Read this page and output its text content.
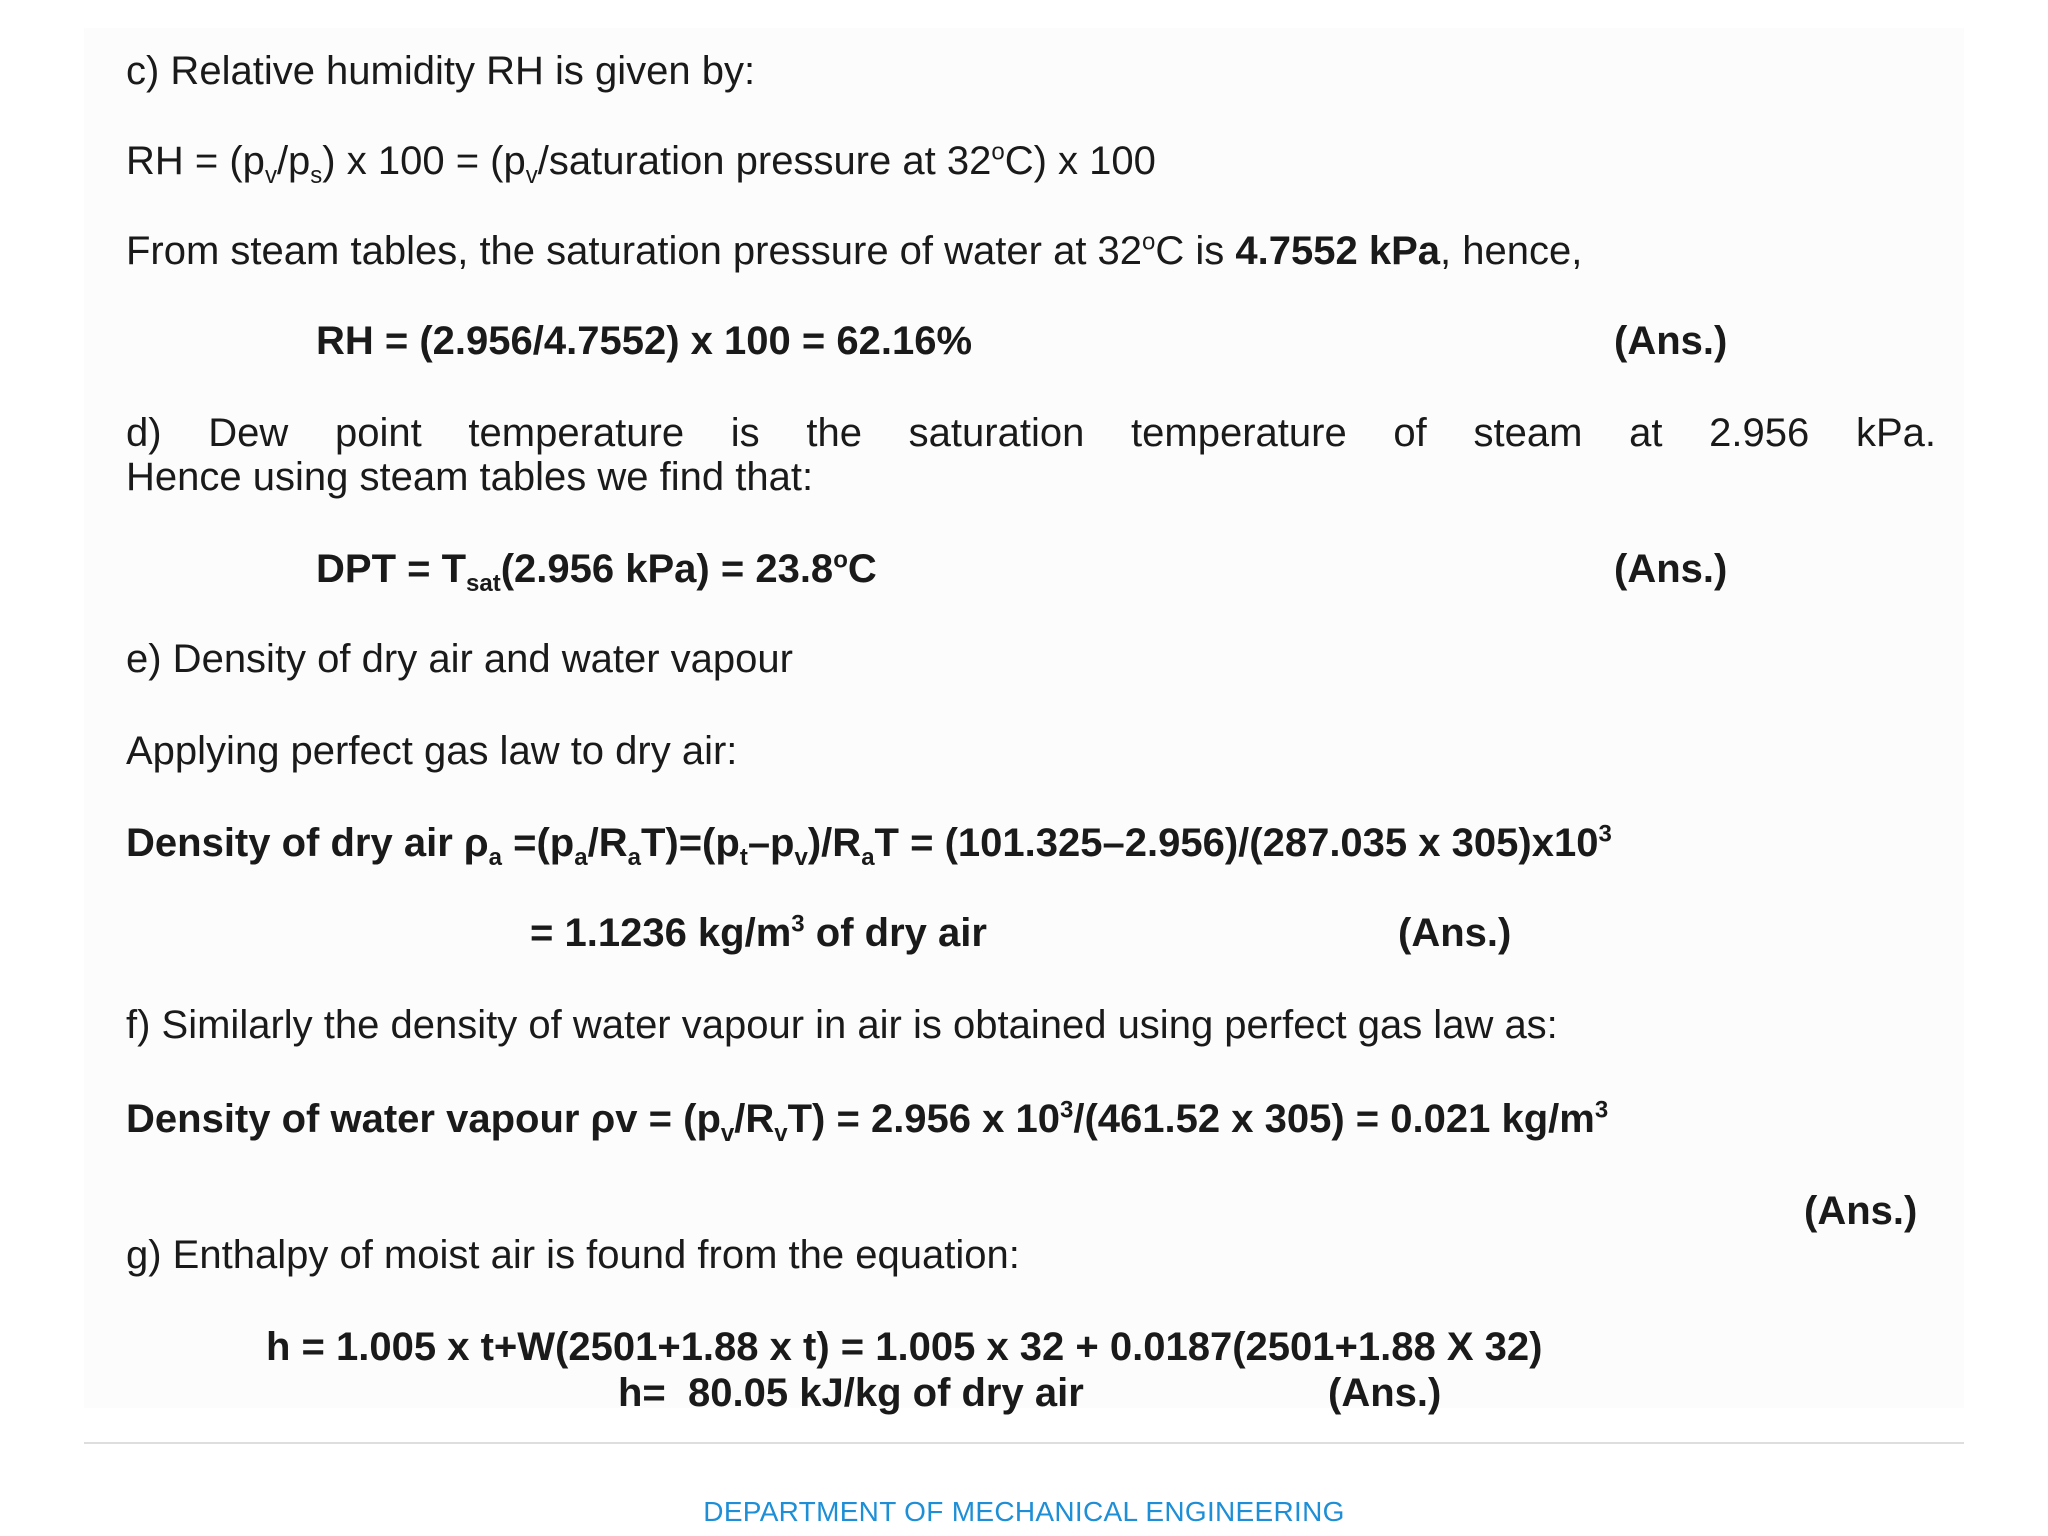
c) Relative humidity RH is given by:
RH = $(p_v/p_s)$ x $100 = (p_v$/saturation pressure at 32$^o$C) x 100
From steam tables, the saturation pressure of water at 32$^o$C is 4.7552 kPa, hence,
RH = (2.956/4.7552) x 100 = 62.16%	(Ans.)
d) Dew point temperature is the saturation temperature of steam at 2.956 kPa.
Hence using steam tables we find that:
DPT = $T_{sat}(2.956$ $kPa) = 23.8^oC$	(Ans.)
e) Density of dry air and water vapour
Applying perfect gas law to dry air:
Density of dry air $\rho_a =(p_a/R_aT)=(p_t-p_v)/R_aT = (101.325-2.956)/(287.035$ x $305)x10^3$
= 1.1236 $kg/m^3$ of dry air	(Ans.)
f) Similarly the density of water vapour in air is obtained using perfect gas law as:
Density of water vapour $\rho v = (p_v/R_vT) = 2.956$ x $10^3/(461.52$ x 305) = 0.021 $kg/m^3$
(Ans.)
g) Enthalpy of moist air is found from the equation:
h = 1.005 x t+W(2501+1.88 x t) = 1.005 x 32 + 0.0187(2501+1.88 X 32)
h=  80.05 kJ/kg of dry air	(Ans.)
DEPARTMENT OF MECHANICAL ENGINEERING
